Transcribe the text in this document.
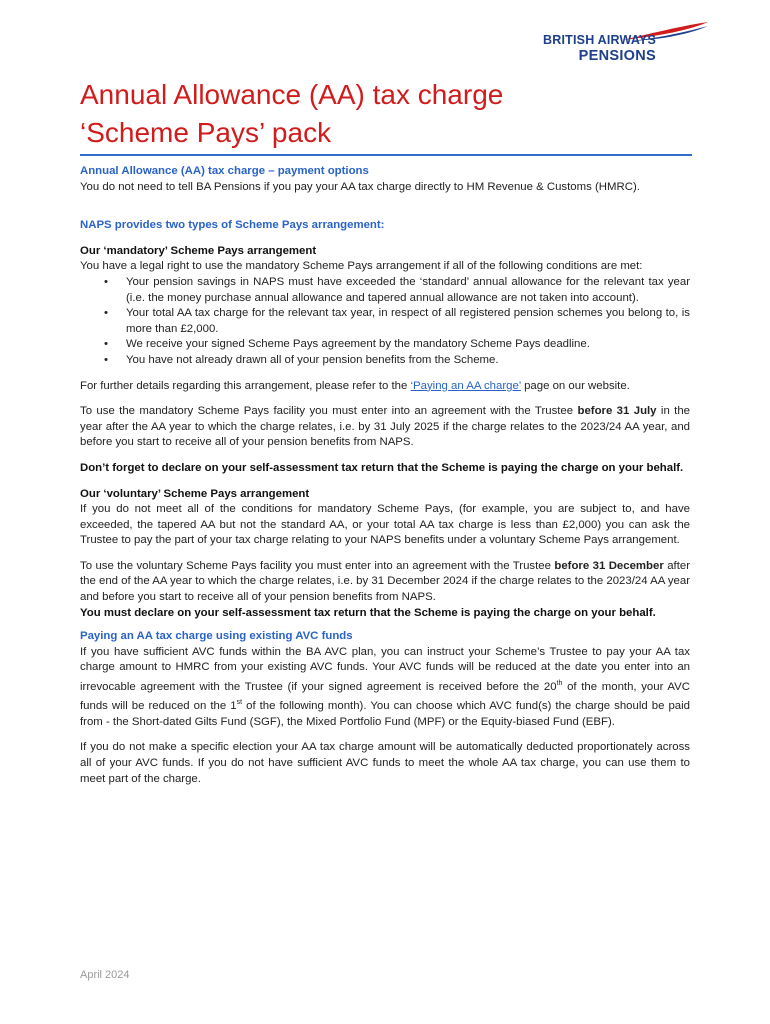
BRITISH AIRWAYS
PENSIONS
Annual Allowance (AA) tax charge
‘Scheme Pays’ pack

Annual Allowance (AA) tax charge – payment options

You do not need to tell BA Pensions if you pay your AA tax charge directly to HM Revenue & Customs (HMRC).

NAPS provides two types of Scheme Pays arrangement:

Our ‘mandatory’ Scheme Pays arrangement

You have a legal right to use the mandatory Scheme Pays arrangement if all of the following conditions are met:

• Your pension savings in NAPS must have exceeded the ‘standard’ annual allowance for the relevant tax year (i.e. the money purchase annual allowance and tapered annual allowance are not taken into account).
• Your total AA tax charge for the relevant tax year, in respect of all registered pension schemes you belong to, is more than £2,000.
• We receive your signed Scheme Pays agreement by the mandatory Scheme Pays deadline.
• You have not already drawn all of your pension benefits from the Scheme.

For further details regarding this arrangement, please refer to the ‘Paying an AA charge’ page on our website.

To use the mandatory Scheme Pays facility you must enter into an agreement with the Trustee before 31 July in the year after the AA year to which the charge relates, i.e. by 31 July 2025 if the charge relates to the 2023/24 AA year, and before you start to receive all of your pension benefits from NAPS.

Don’t forget to declare on your self-assessment tax return that the Scheme is paying the charge on your behalf.

Our ‘voluntary’ Scheme Pays arrangement

If you do not meet all of the conditions for mandatory Scheme Pays, (for example, you are subject to, and have exceeded, the tapered AA but not the standard AA, or your total AA tax charge is less than £2,000) you can ask the Trustee to pay the part of your tax charge relating to your NAPS benefits under a voluntary Scheme Pays arrangement.

To use the voluntary Scheme Pays facility you must enter into an agreement with the Trustee before 31 December after the end of the AA year to which the charge relates, i.e. by 31 December 2024 if the charge relates to the 2023/24 AA year and before you start to receive all of your pension benefits from NAPS.

You must declare on your self-assessment tax return that the Scheme is paying the charge on your behalf.

Paying an AA tax charge using existing AVC funds

If you have sufficient AVC funds within the BA AVC plan, you can instruct your Scheme’s Trustee to pay your AA tax charge amount to HMRC from your existing AVC funds. Your AVC funds will be reduced at the date you enter into an irrevocable agreement with the Trustee (if your signed agreement is received before the 20th of the month, your AVC funds will be reduced on the 1st of the following month). You can choose which AVC fund(s) the charge should be paid from - the Short-dated Gilts Fund (SGF), the Mixed Portfolio Fund (MPF) or the Equity-biased Fund (EBF).

If you do not make a specific election your AA tax charge amount will be automatically deducted proportionately across all of your AVC funds. If you do not have sufficient AVC funds to meet the whole AA tax charge, you can use them to meet part of the charge.

April 2024
